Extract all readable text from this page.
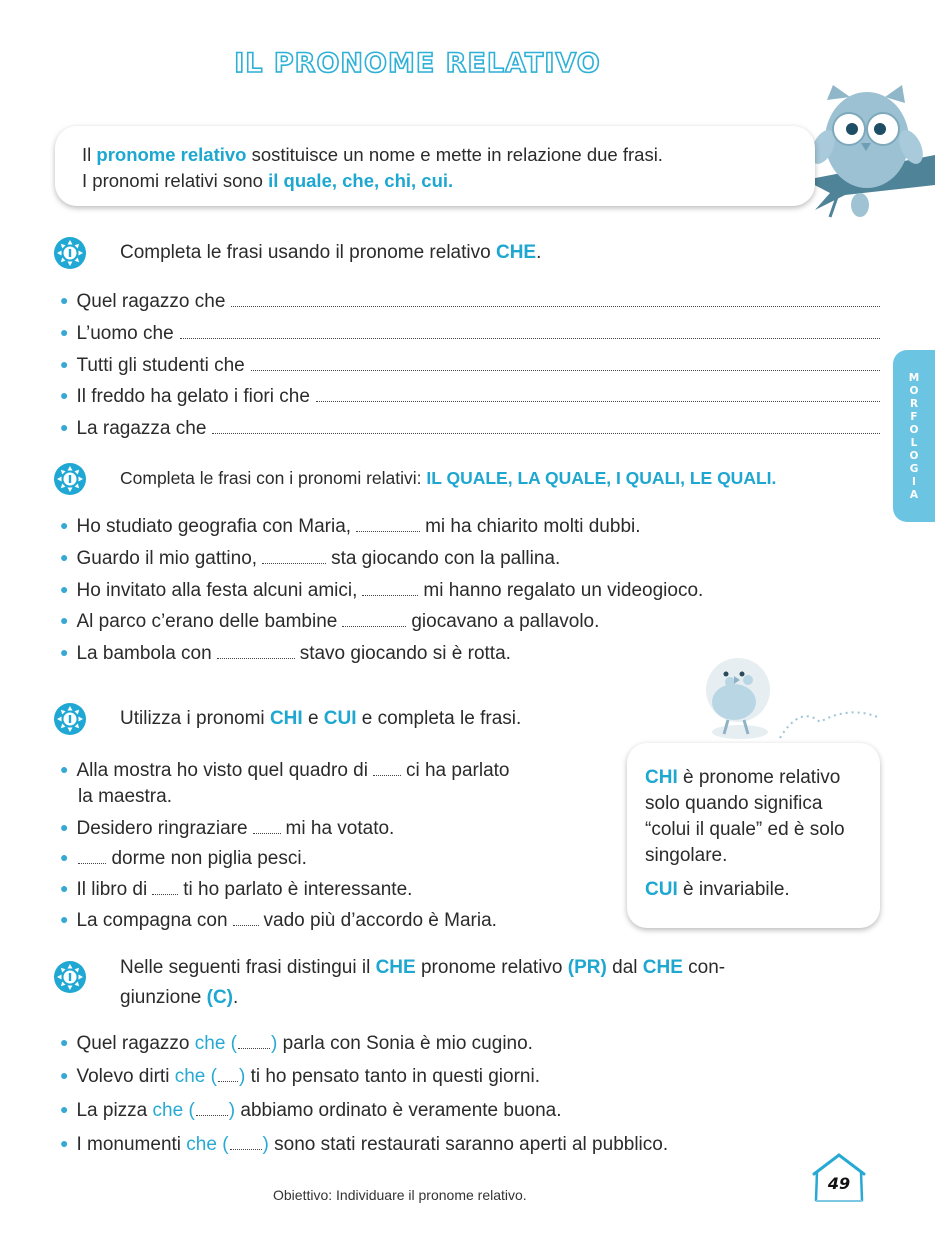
IL PRONOME RELATIVO
Il pronome relativo sostituisce un nome e mette in relazione due frasi.
I pronomi relativi sono il quale, che, chi, cui.
M
O
R
F
O
L
O
G
I
A
Completa le frasi usando il pronome relativo CHE.
● Quel ragazzo che
● L’uomo che
● Tutti gli studenti che
● Il freddo ha gelato i fiori che
● La ragazza che
Completa le frasi con i pronomi relativi: IL QUALE, LA QUALE, I QUALI, LE QUALI.
● Ho studiato geografia con Maria,	mi ha chiarito molti dubbi.
● Guardo il mio gattino,	sta giocando con la pallina.
● Ho invitato alla festa alcuni amici,	mi hanno regalato un videogioco.
● Al parco c’erano delle bambine	giocavano a pallavolo.
● La bambola con	stavo giocando si è rotta.
Utilizza i pronomi CHI e CUI e completa le frasi.
● Alla mostra ho visto quel quadro di ci ha parlato
la maestra.
● Desidero ringraziare mi ha votato.
● dorme non piglia pesci.
● Il libro di ti ho parlato è interessante.
● La compagna con vado più d’accordo è Maria.
CHI è pronome relativo
solo quando significa
“colui il quale” ed è solo
singolare.
CUI è invariabile.
Nelle seguenti frasi distingui il CHE pronome relativo (PR) dal CHE con-
giunzione (C).
● Quel ragazzo
che ( )
parla con Sonia è mio cugino.
● Volevo dirti
che ( )
ti ho pensato tanto in questi giorni.
● La pizza
che ( )
abbiamo ordinato è veramente buona.
● I monumenti
che ( )
sono stati restaurati saranno aperti al pubblico.
Obiettivo: Individuare il pronome relativo.
49
